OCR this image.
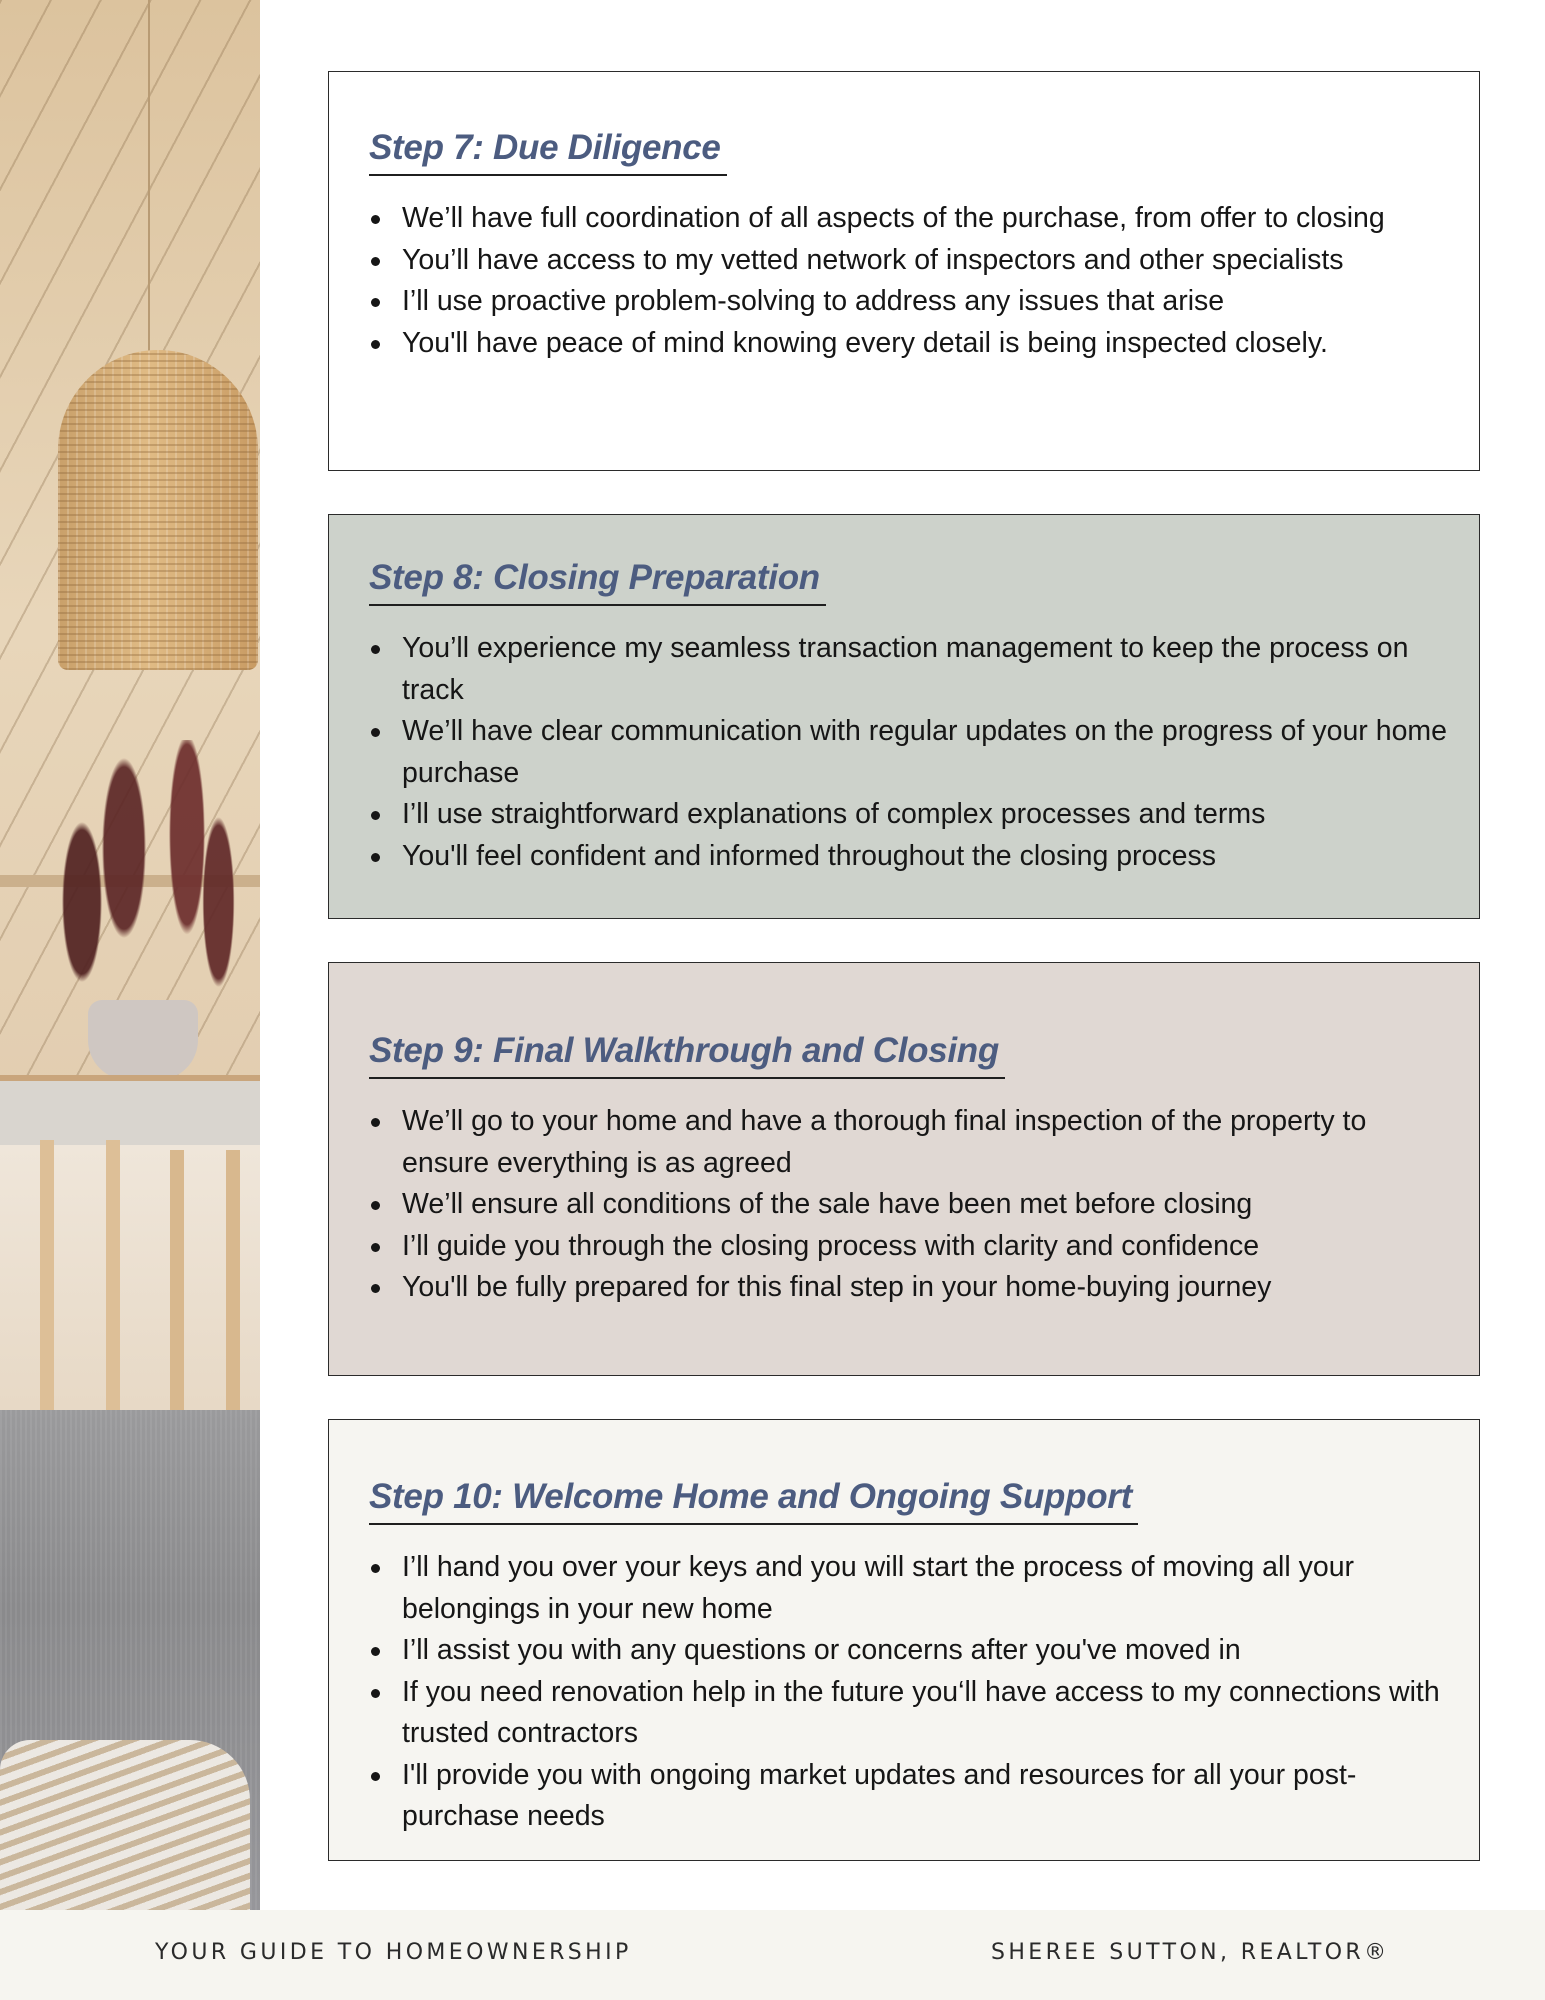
Step 7: Due Diligence
We’ll have full coordination of all aspects of the purchase, from offer to closing
You’ll have access to my vetted network of inspectors and other specialists
I’ll use proactive problem-solving to address any issues that arise
You'll have peace of mind knowing every detail is being inspected closely.
Step 8: Closing Preparation
You’ll experience my seamless transaction management to keep the process on track
We’ll have clear communication with regular updates on the progress of your home purchase
I’ll use straightforward explanations of complex processes and terms
You'll feel confident and informed throughout the closing process
Step 9: Final Walkthrough and Closing
We’ll go to your home and have a thorough final inspection of the property to ensure everything is as agreed
We’ll ensure all conditions of the sale have been met before closing
I’ll guide you through the closing process with clarity and confidence
You'll be fully prepared for this final step in your home-buying journey
Step 10: Welcome Home and Ongoing Support
I’ll hand you over your keys and you will start the process of moving all your belongings in your new home
I’ll assist you with any questions or concerns after you've moved in
If you need renovation help in the future you‘ll have access to my connections with trusted contractors
I'll provide you with ongoing market updates and resources for all your post-purchase needs
YOUR GUIDE TO HOMEOWNERSHIP	SHEREE SUTTON, REALTOR®
